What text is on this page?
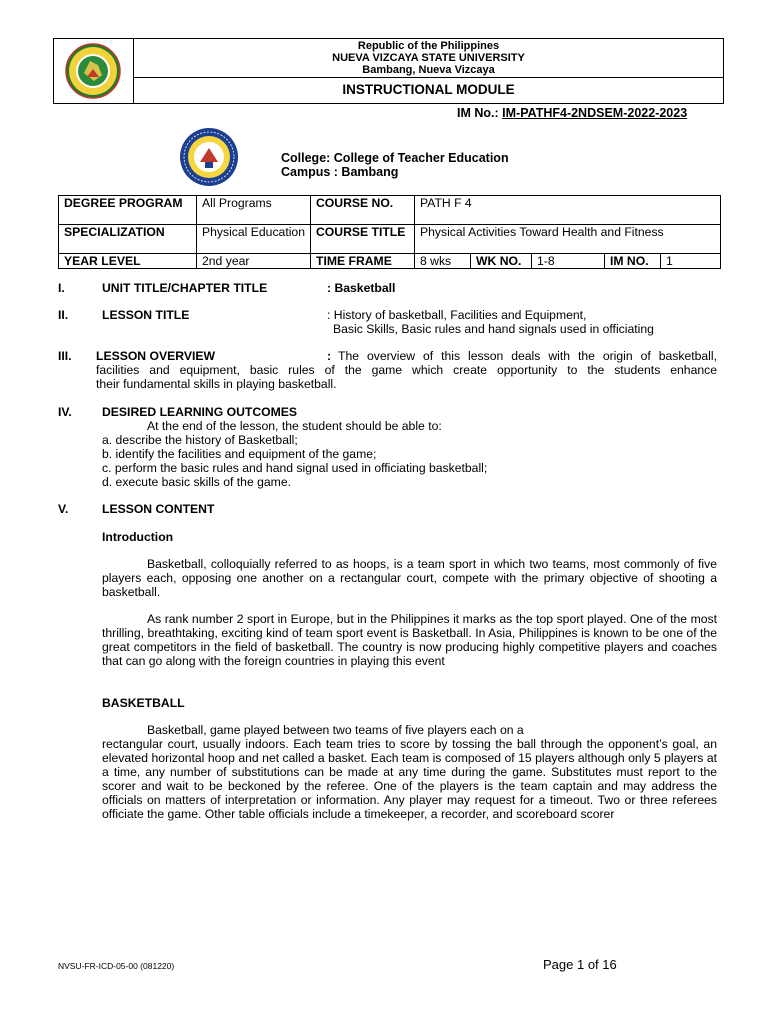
Republic of the Philippines
NUEVA VIZCAYA STATE UNIVERSITY
Bambang, Nueva Vizcaya
INSTRUCTIONAL MODULE
IM No.: IM-PATHF4-2NDSEM-2022-2023
College: College of Teacher Education
Campus : Bambang
DEGREE PROGRAM	All Programs	COURSE NO.	PATH F 4				
SPECIALIZATION	Physical Education	COURSE TITLE	Physical Activities Toward Health and Fitness				
YEAR LEVEL	2nd year	TIME FRAME	8 wks	WK NO.	1-8	IM NO.	1
I.	UNIT TITLE/CHAPTER TITLE	: Basketball
II.	LESSON TITLE	: History of basketball, Facilities and Equipment,
Basic Skills, Basic rules and hand signals used in officiating
III. LESSON OVERVIEW	: The overview of this lesson deals with the origin of basketball,
facilities and equipment, basic rules of the game which create opportunity to the students enhance
their fundamental skills in playing basketball.
IV. DESIRED LEARNING OUTCOMES
At the end of the lesson, the student should be able to:
a. describe the history of Basketball;
b. identify the facilities and equipment of the game;
c. perform the basic rules and hand signal used in officiating basketball;
d. execute basic skills of the game.
V.	LESSON CONTENT
Introduction
Basketball, colloquially referred to as hoops, is a team sport in which two teams, most commonly of five players each, opposing one another on a rectangular court, compete with the primary objective of shooting a basketball.
As rank number 2 sport in Europe, but in the Philippines it marks as the top sport played. One of the most thrilling, breathtaking, exciting kind of team sport event is Basketball. In Asia, Philippines is known to be one of the great competitors in the field of basketball. The country is now producing highly competitive players and coaches that can go along with the foreign countries in playing this event
BASKETBALL
Basketball, game played between two teams of five players each on a
rectangular court, usually indoors. Each team tries to score by tossing the ball through the opponent’s goal, an elevated horizontal hoop and net called a basket. Each team is composed of 15 players although only 5 players at a time, any number of substitutions can be made at any time during the game. Substitutes must report to the scorer and wait to be beckoned by the referee. One of the players is the team captain and may address the officials on matters of interpretation or information. Any player may request for a timeout. Two or three referees officiate the game. Other table officials include a timekeeper, a recorder, and scoreboard scorer
NVSU-FR-ICD-05-00 (081220)	Page 1 of 16
